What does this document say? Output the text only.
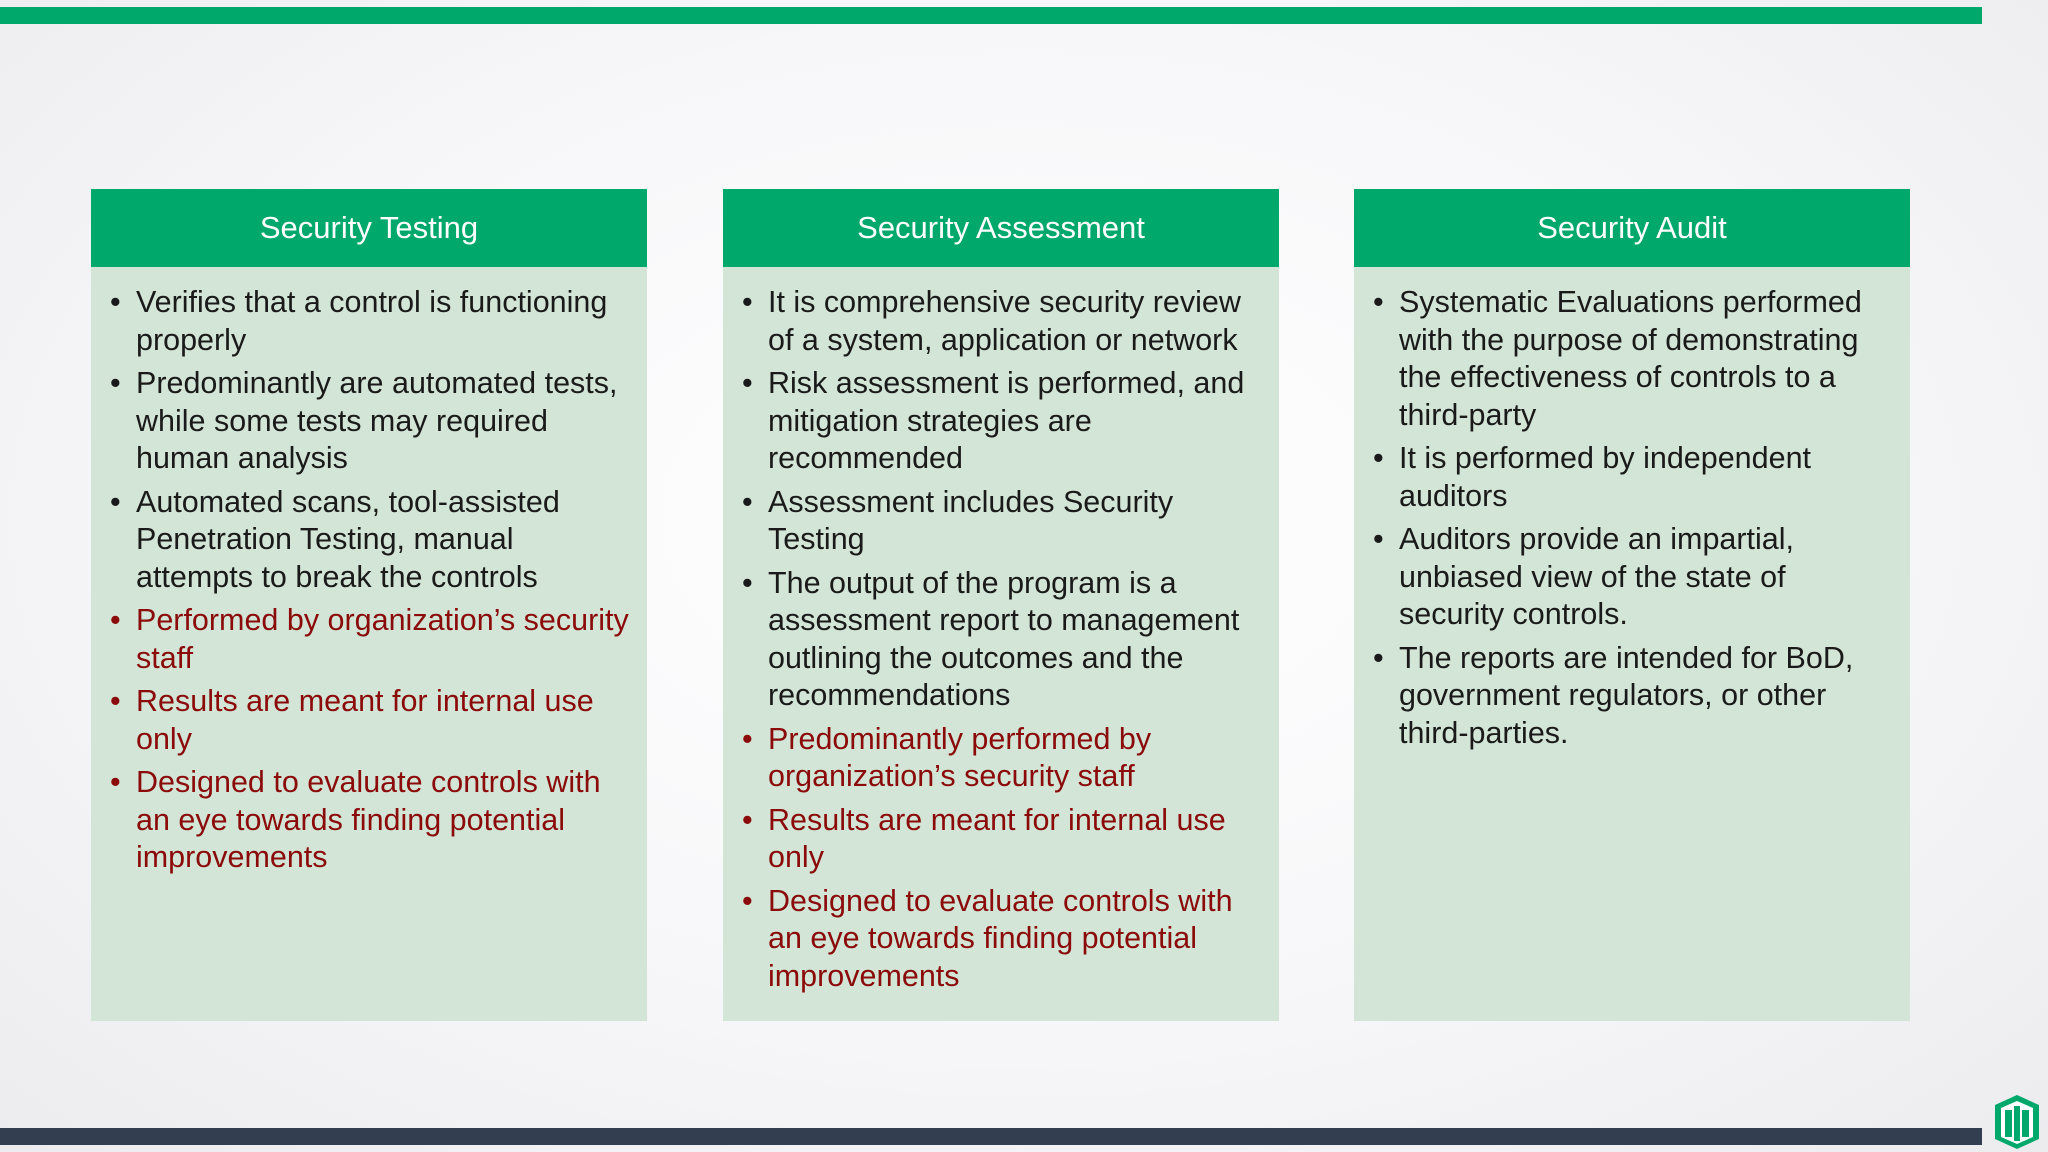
Security Testing
• Verifies that a control is functioning properly
• Predominantly are automated tests, while some tests may required human analysis
• Automated scans, tool-assisted Penetration Testing, manual attempts to break the controls
• Performed by organization’s security staff
• Results are meant for internal use only
• Designed to evaluate controls with an eye towards finding potential improvements
Security Assessment
• It is comprehensive security review of a system, application or network
• Risk assessment is performed, and mitigation strategies are recommended
• Assessment includes Security Testing
• The output of the program is a assessment report to management outlining the outcomes and the recommendations
• Predominantly performed by organization’s security staff
• Results are meant for internal use only
• Designed to evaluate controls with an eye towards finding potential improvements
Security Audit
• Systematic Evaluations performed with the purpose of demonstrating the effectiveness of controls to a third-party
• It is performed by independent auditors
• Auditors provide an impartial, unbiased view of the state of security controls.
• The reports are intended for BoD, government regulators, or other third-parties.
